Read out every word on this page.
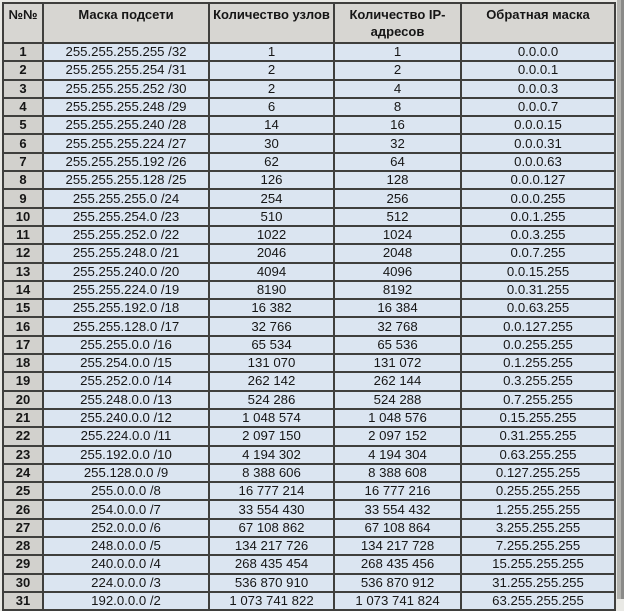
№№	Маска подсети	Количество узлов	Количество IP-адресов	Обратная маска
1	255.255.255.255 /32	1	1	0.0.0.0
2	255.255.255.254 /31	2	2	0.0.0.1
3	255.255.255.252 /30	2	4	0.0.0.3
4	255.255.255.248 /29	6	8	0.0.0.7
5	255.255.255.240 /28	14	16	0.0.0.15
6	255.255.255.224 /27	30	32	0.0.0.31
7	255.255.255.192 /26	62	64	0.0.0.63
8	255.255.255.128 /25	126	128	0.0.0.127
9	255.255.255.0 /24	254	256	0.0.0.255
10	255.255.254.0 /23	510	512	0.0.1.255
11	255.255.252.0 /22	1022	1024	0.0.3.255
12	255.255.248.0 /21	2046	2048	0.0.7.255
13	255.255.240.0 /20	4094	4096	0.0.15.255
14	255.255.224.0 /19	8190	8192	0.0.31.255
15	255.255.192.0 /18	16 382	16 384	0.0.63.255
16	255.255.128.0 /17	32 766	32 768	0.0.127.255
17	255.255.0.0 /16	65 534	65 536	0.0.255.255
18	255.254.0.0 /15	131 070	131 072	0.1.255.255
19	255.252.0.0 /14	262 142	262 144	0.3.255.255
20	255.248.0.0 /13	524 286	524 288	0.7.255.255
21	255.240.0.0 /12	1 048 574	1 048 576	0.15.255.255
22	255.224.0.0 /11	2 097 150	2 097 152	0.31.255.255
23	255.192.0.0 /10	4 194 302	4 194 304	0.63.255.255
24	255.128.0.0 /9	8 388 606	8 388 608	0.127.255.255
25	255.0.0.0 /8	16 777 214	16 777 216	0.255.255.255
26	254.0.0.0 /7	33 554 430	33 554 432	1.255.255.255
27	252.0.0.0 /6	67 108 862	67 108 864	3.255.255.255
28	248.0.0.0 /5	134 217 726	134 217 728	7.255.255.255
29	240.0.0.0 /4	268 435 454	268 435 456	15.255.255.255
30	224.0.0.0 /3	536 870 910	536 870 912	31.255.255.255
31	192.0.0.0 /2	1 073 741 822	1 073 741 824	63.255.255.255
